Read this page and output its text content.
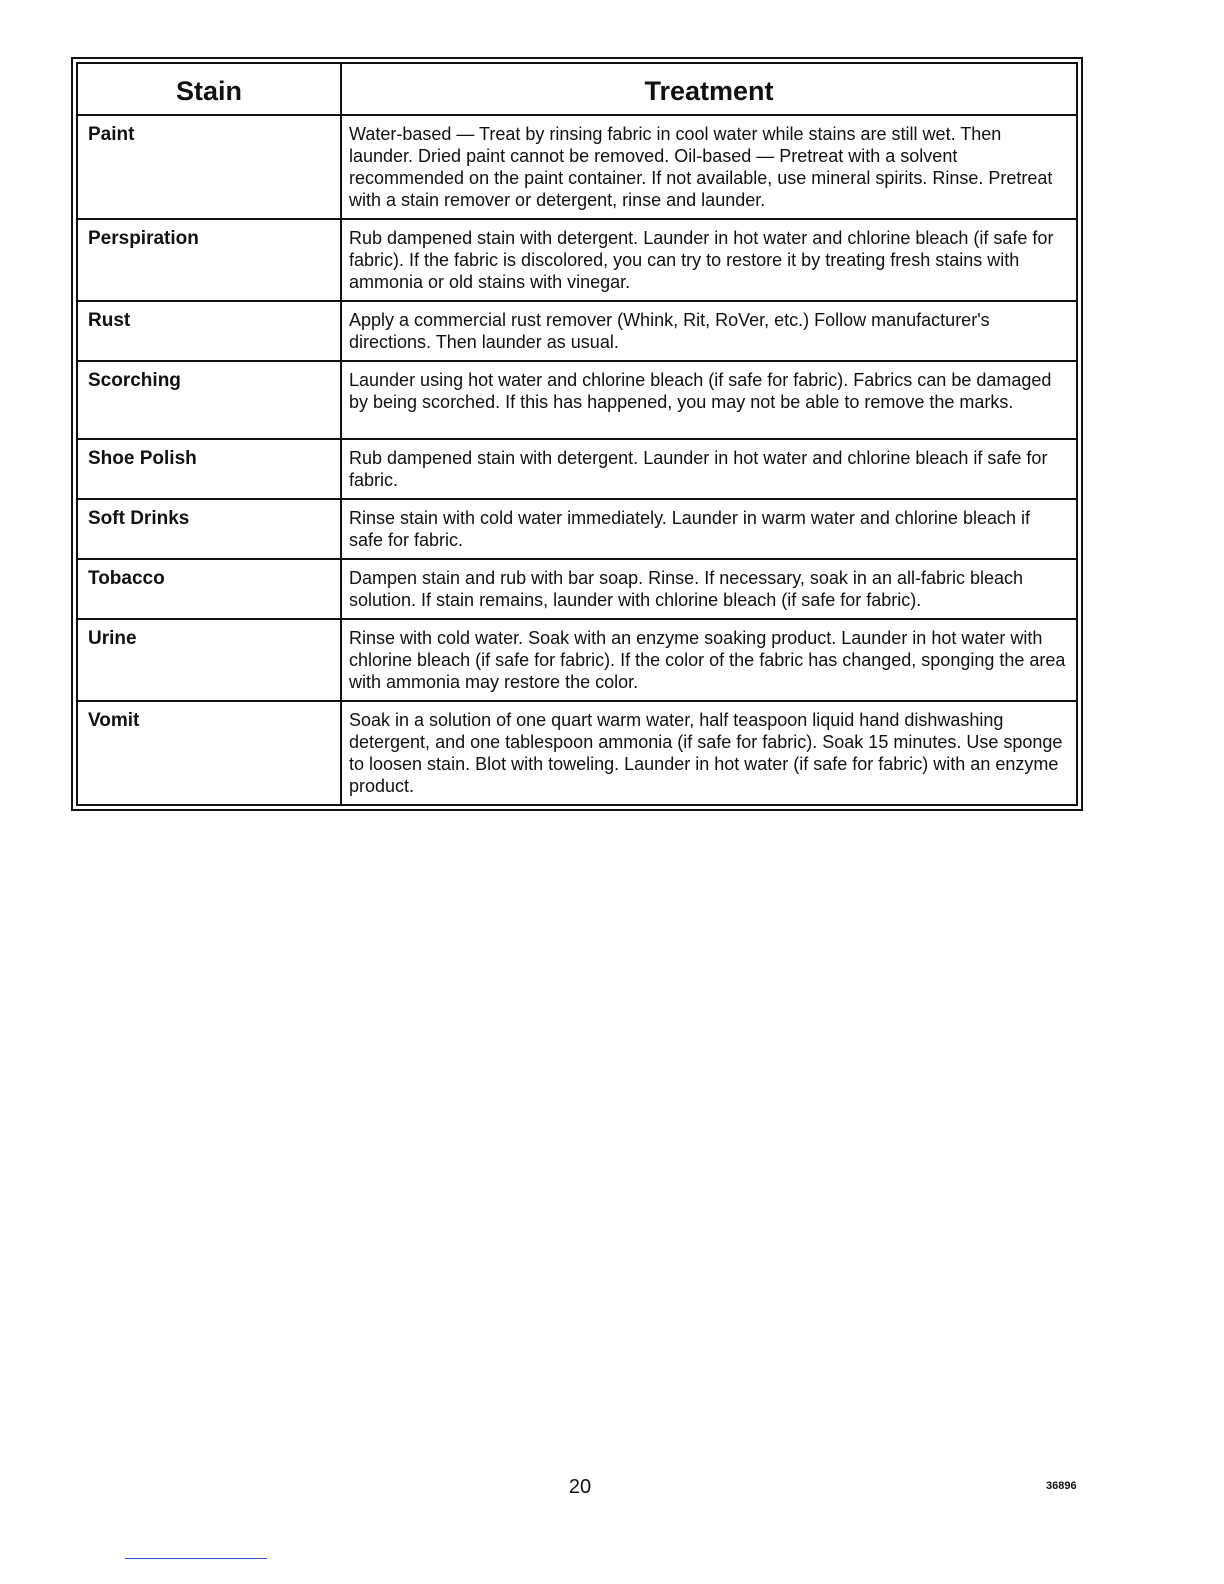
Stain	Treatment
Paint	Water-based — Treat by rinsing fabric in cool water while stains are still wet. Then launder. Dried paint cannot be removed. Oil-based — Pretreat with a solvent recommended on the paint container. If not available, use mineral spirits. Rinse. Pretreat with a stain remover or detergent, rinse and launder.
Perspiration	Rub dampened stain with detergent. Launder in hot water and chlorine bleach (if safe for fabric). If the fabric is discolored, you can try to restore it by treating fresh stains with ammonia or old stains with vinegar.
Rust	Apply a commercial rust remover (Whink, Rit, RoVer, etc.) Follow manufacturer's directions. Then launder as usual.
Scorching	Launder using hot water and chlorine bleach (if safe for fabric). Fabrics can be damaged by being scorched. If this has happened, you may not be able to remove the marks.
Shoe Polish	Rub dampened stain with detergent. Launder in hot water and chlorine bleach if safe for fabric.
Soft Drinks	Rinse stain with cold water immediately. Launder in warm water and chlorine bleach if safe for fabric.
Tobacco	Dampen stain and rub with bar soap. Rinse. If necessary, soak in an all-fabric bleach solution. If stain remains, launder with chlorine bleach (if safe for fabric).
Urine	Rinse with cold water. Soak with an enzyme soaking product. Launder in hot water with chlorine bleach (if safe for fabric). If the color of the fabric has changed, sponging the area with ammonia may restore the color.
Vomit	Soak in a solution of one quart warm water, half teaspoon liquid hand dishwashing detergent, and one tablespoon ammonia (if safe for fabric). Soak 15 minutes. Use sponge to loosen stain. Blot with toweling. Launder in hot water (if safe for fabric) with an enzyme product.
20	36896
